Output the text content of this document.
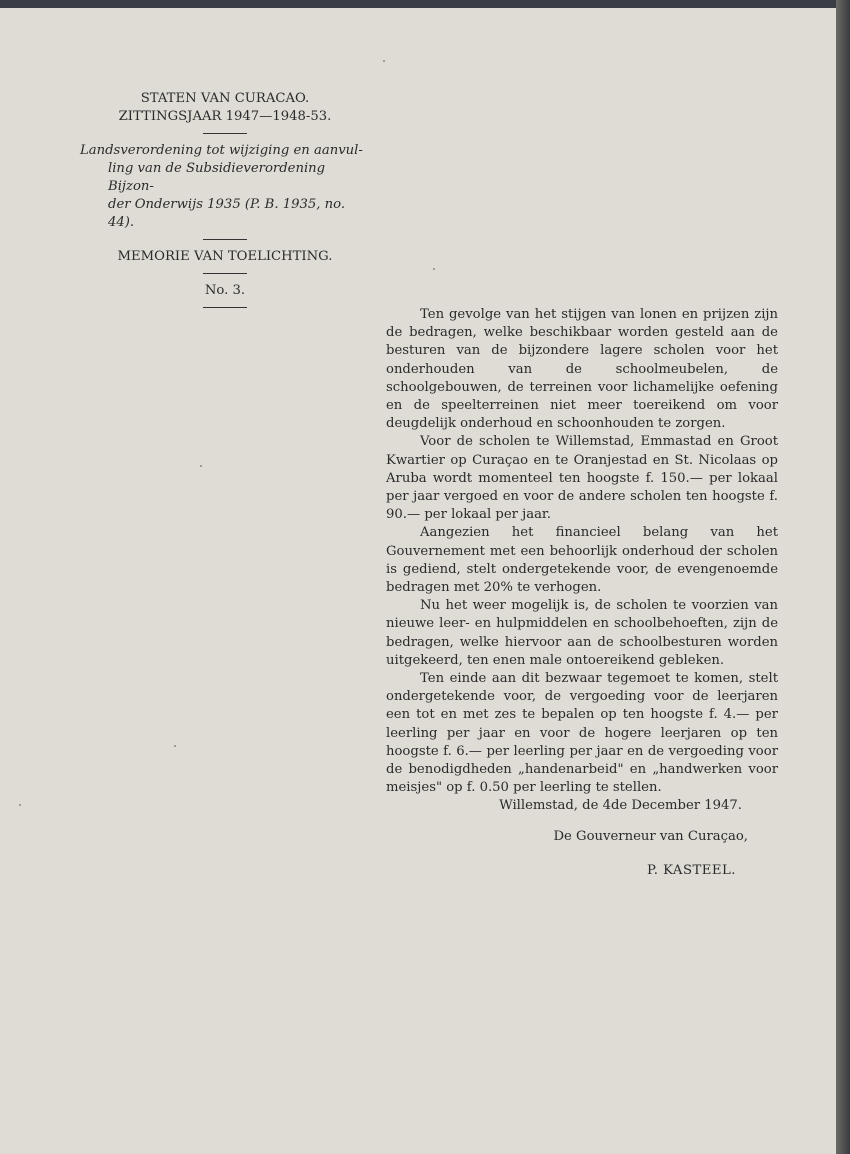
STATEN VAN CURACAO.
ZITTINGSJAAR 1947—1948-53.
Landsverordening tot wijziging en aanvul-
ling van de Subsidieverordening Bijzon-
der Onderwijs 1935 (P. B. 1935, no. 44).
MEMORIE VAN TOELICHTING.
No. 3.

Ten gevolge van het stijgen van lonen en prijzen zijn de bedragen, welke beschikbaar worden gesteld aan de besturen van de bijzondere lagere scholen voor het onderhouden van de schoolmeubelen, de schoolgebouwen, de terreinen voor lichamelijke oefening en de speelterreinen niet meer toereikend om voor deugdelijk onderhoud en schoonhouden te zorgen.

Voor de scholen te Willemstad, Emmastad en Groot Kwartier op Curaçao en te Oranjestad en St. Nicolaas op Aruba wordt momenteel ten hoogste f. 150.— per lokaal per jaar vergoed en voor de andere scholen ten hoogste f. 90.— per lokaal per jaar.

Aangezien het financieel belang van het Gouvernement met een behoorlijk onderhoud der scholen is gediend, stelt ondergetekende voor, de evengenoemde bedragen met 20% te verhogen.

Nu het weer mogelijk is, de scholen te voorzien van nieuwe leer- en hulpmiddelen en schoolbehoeften, zijn de bedragen, welke hiervoor aan de schoolbesturen worden uitgekeerd, ten enen male ontoereikend gebleken.

Ten einde aan dit bezwaar tegemoet te komen, stelt ondergetekende voor, de vergoeding voor de leerjaren een tot en met zes te bepalen op ten hoogste f. 4.— per leerling per jaar en voor de hogere leerjaren op ten hoogste f. 6.— per leerling per jaar en de vergoeding voor de benodigdheden „handenarbeid" en „handwerken voor meisjes" op f. 0.50 per leerling te stellen.

Willemstad, de 4de December 1947.
De Gouverneur van Curaçao,
P. KASTEEL.
